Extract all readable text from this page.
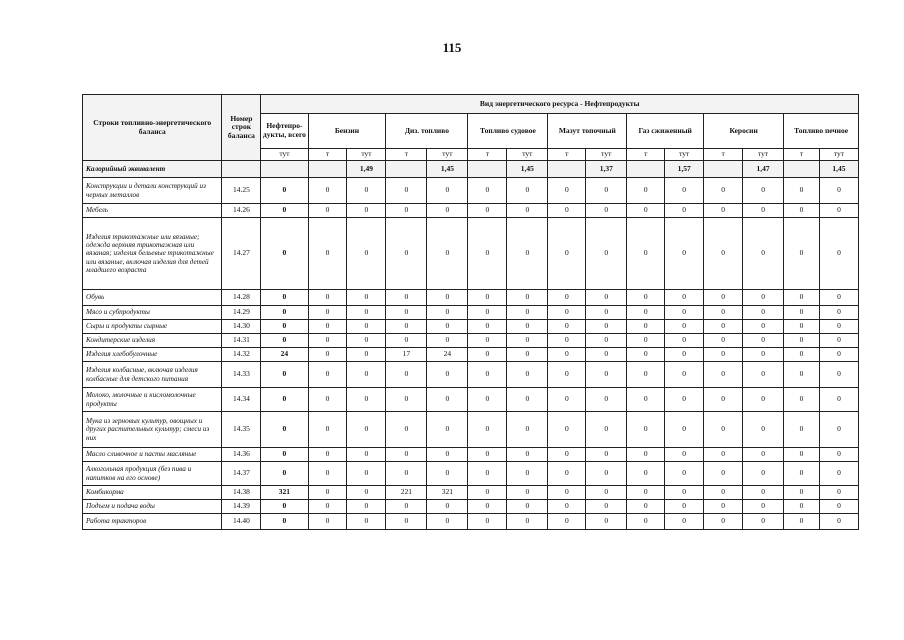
115
Строки топливно-энергетического баланса	Номер строк баланса	Вид энергетического ресурса - Нефтепродукты														
		Нефтепро-дукты, всего	Бензин		Диз. топливо		Топливо судовое		Мазут топочный		Газ сжиженный		Керосин		Топливо печное	
		тут	т	тут	т	тут	т	тут	т	тут	т	тут	т	тут	т	тут
Калорийный эквивалент				1,49		1,45		1,45		1,37		1,57		1,47		1,45
Конструкции и детали конструкций из черных металлов	14.25	0	0	0	0	0	0	0	0	0	0	0	0	0	0	0
Мебель	14.26	0	0	0	0	0	0	0	0	0	0	0	0	0	0	0
Изделия трикотажные или вязаные; одежда верхняя трикотажная или вязаная; изделия бельевые трикотажные или вязаные, включая изделия для детей младшего возраста	14.27	0	0	0	0	0	0	0	0	0	0	0	0	0	0	0
Обувь	14.28	0	0	0	0	0	0	0	0	0	0	0	0	0	0	0
Мясо и субпродукты	14.29	0	0	0	0	0	0	0	0	0	0	0	0	0	0	0
Сыры и продукты сырные	14.30	0	0	0	0	0	0	0	0	0	0	0	0	0	0	0
Кондитерские изделия	14.31	0	0	0	0	0	0	0	0	0	0	0	0	0	0	0
Изделия хлебобулочные	14.32	24	0	0	17	24	0	0	0	0	0	0	0	0	0	0
Изделия колбасные, включая изделия колбасные для детского питания	14.33	0	0	0	0	0	0	0	0	0	0	0	0	0	0	0
Молоко, молочные и кисломолочные продукты	14.34	0	0	0	0	0	0	0	0	0	0	0	0	0	0	0
Мука из зерновых культур, овощных и других растительных культур; смеси из них	14.35	0	0	0	0	0	0	0	0	0	0	0	0	0	0	0
Масло сливочное и пасты масляные	14.36	0	0	0	0	0	0	0	0	0	0	0	0	0	0	0
Алкогольная продукция (без пива и напитков на его основе)	14.37	0	0	0	0	0	0	0	0	0	0	0	0	0	0	0
Комбикорма	14.38	321	0	0	221	321	0	0	0	0	0	0	0	0	0	0
Подъем и подача воды	14.39	0	0	0	0	0	0	0	0	0	0	0	0	0	0	0
Работа тракторов	14.40	0	0	0	0	0	0	0	0	0	0	0	0	0	0	0
